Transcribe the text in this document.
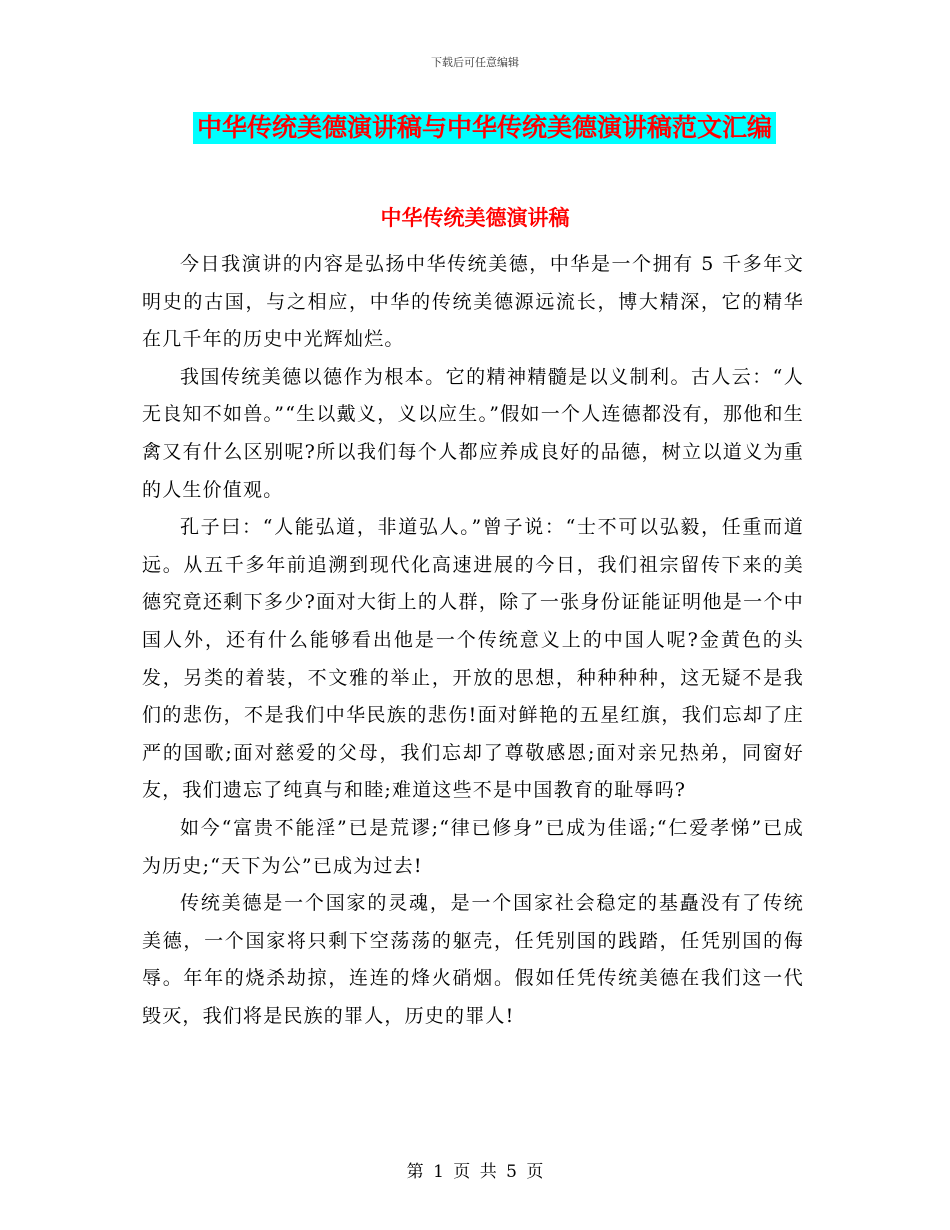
下载后可任意编辑
中华传统美德演讲稿与中华传统美德演讲稿范文汇编
中华传统美德演讲稿

今日我演讲的内容是弘扬中华传统美德，中华是一个拥有 5 千多年文明史的古国，与之相应，中华的传统美德源远流长，博大精深，它的精华在几千年的历史中光辉灿烂。

我国传统美德以德作为根本。它的精神精髓是以义制利。古人云：“人无良知不如兽。”“生以戴义，义以应生。”假如一个人连德都没有，那他和生禽又有什么区别呢?所以我们每个人都应养成良好的品德，树立以道义为重的人生价值观。

孔子曰：“人能弘道，非道弘人。”曾子说：“士不可以弘毅，任重而道远。从五千多年前追溯到现代化高速进展的今日，我们祖宗留传下来的美德究竟还剩下多少?面对大街上的人群，除了一张身份证能证明他是一个中国人外，还有什么能够看出他是一个传统意义上的中国人呢?金黄色的头发，另类的着装，不文雅的举止，开放的思想，种种种种，这无疑不是我们的悲伤，不是我们中华民族的悲伤!面对鲜艳的五星红旗，我们忘却了庄严的国歌;面对慈爱的父母，我们忘却了尊敬感恩;面对亲兄热弟，同窗好友，我们遗忘了纯真与和睦;难道这些不是中国教育的耻辱吗?

如今“富贵不能淫”已是荒谬;“律已修身”已成为佳谣;“仁爱孝悌”已成为历史;“天下为公”已成为过去!

传统美德是一个国家的灵魂，是一个国家社会稳定的基矗没有了传统美德，一个国家将只剩下空荡荡的躯壳，任凭别国的践踏，任凭别国的侮辱。年年的烧杀劫掠，连连的烽火硝烟。假如任凭传统美德在我们这一代毁灭，我们将是民族的罪人，历史的罪人!

第 1 页 共 5 页
